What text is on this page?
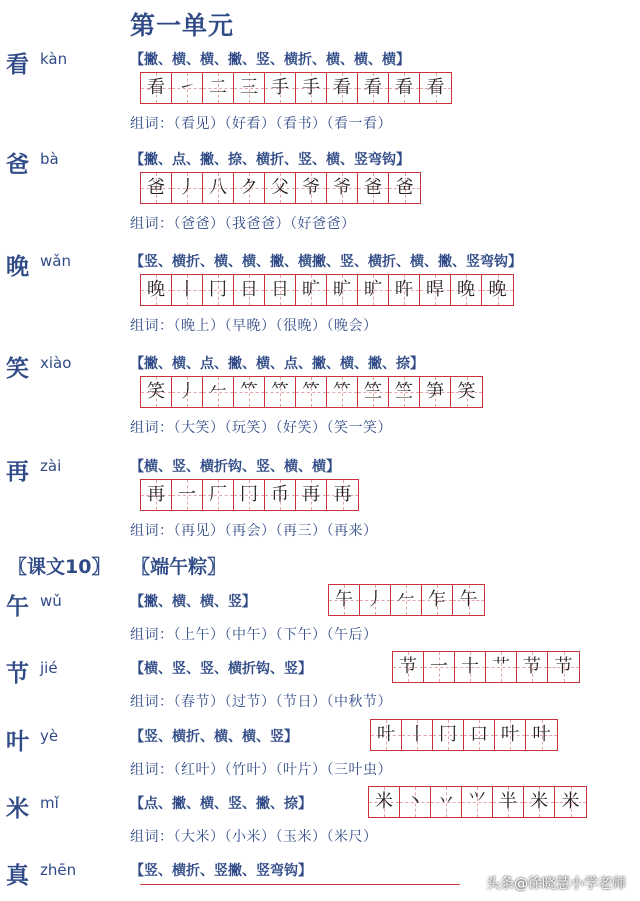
第一单元
看 kàn	【撇、横、横、撇、竖、横折、横、横、横】
看 ㇀ 二 三 手 手 看 看 看 看
组词：（看见）（好看）（看书）（看一看）
爸 bà	【撇、点、撇、捺、横折、竖、横、竖弯钩】
爸 丿 八 ク 父 爷 爷 爸 爸
组词：（爸爸）（我爸爸）（好爸爸）
晚 wǎn	【竖、横折、横、横、撇、横撇、竖、横折、横、撇、竖弯钩】
晚 丨 冂 日 日 旷 旷 旷 旿 晘 晚 晚
组词：（晚上）（早晚）（很晚）（晚会）
笑 xiào	【撇、横、点、撇、横、点、撇、横、撇、捺】
笑 丿 𠂉 𥫗 𥫗 𥫗 𥫗 竺 竺 笋 笑
组词：（大笑）（玩笑）（好笑）（笑一笑）
再 zài	【横、竖、横折钩、竖、横、横】
再 一 厂 冂 币 再 再
组词：（再见）（再会）（再三）（再来）
〖课文10〗 〖端午粽〗
午 wǔ	【撇、横、横、竖】	午 丿 𠂉 乍 午
组词：（上午）（中午）（下午）（午后）
节 jié	【横、竖、竖、横折钩、竖】	节 一 十 艹 节 节
组词：（春节）（过节）（节日）（中秋节）
叶 yè	【竖、横折、横、横、竖】	叶 丨 冂 口 叶 叶
组词：（红叶）（竹叶）（叶片）（三叶虫）
米 mǐ	【点、撇、横、竖、撇、捺】	米 丶 丷 ⺍ 半 米 米
组词：（大米）（小米）（玉米）（米尺）
真 zhēn	【竖、横折、竖撇、竖弯钩】
头条@徐晓慧小学老师
